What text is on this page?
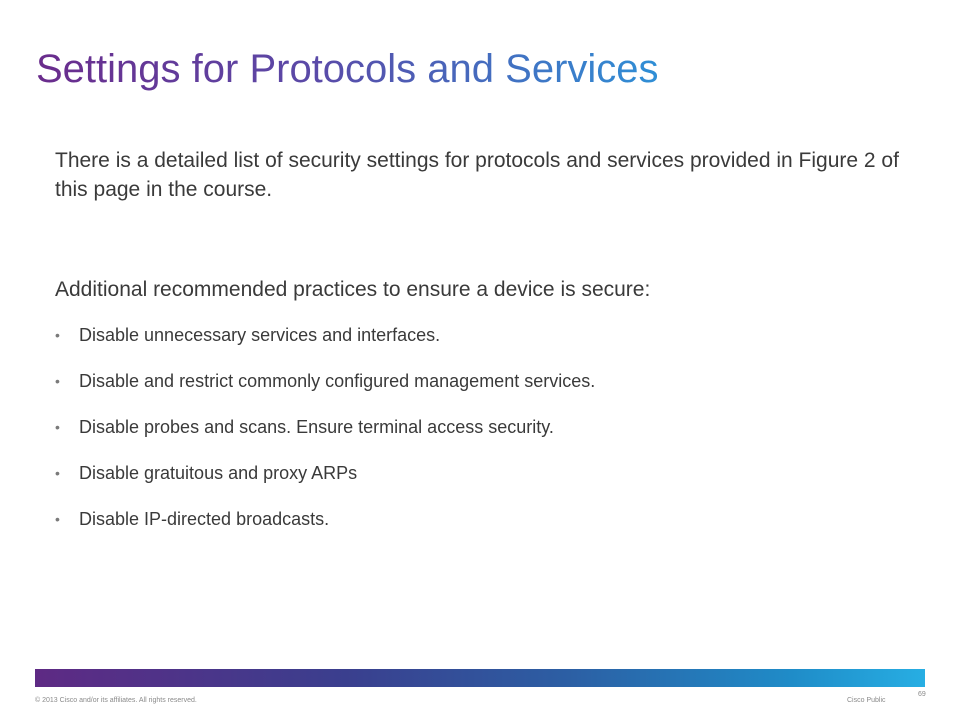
Settings for Protocols and Services

There is a detailed list of security settings for protocols and services provided in Figure 2 of this page in the course.

Additional recommended practices to ensure a device is secure:

•	Disable unnecessary services and interfaces.
•	Disable and restrict commonly configured management services.
•	Disable probes and scans. Ensure terminal access security.
•	Disable gratuitous and proxy ARPs
•	Disable IP-directed broadcasts.
© 2013 Cisco and/or its affiliates. All rights reserved.	Cisco Public
69
